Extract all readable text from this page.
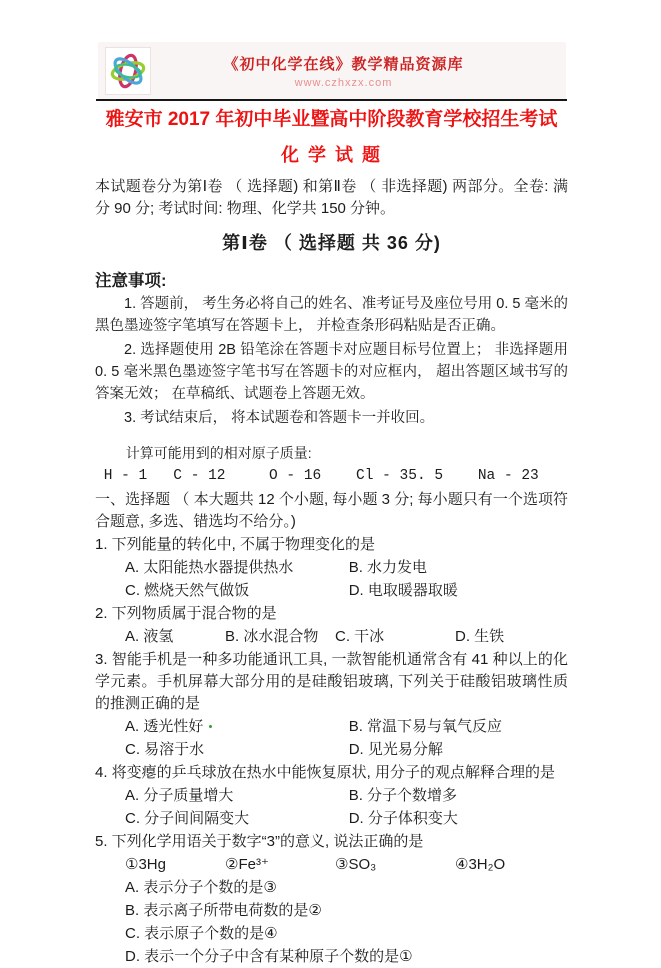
《初中化学在线》教学精品资源库
www.czhxzx.com
雅安市 2017 年初中毕业暨高中阶段教育学校招生考试
化 学 试 题

本试题卷分为第Ⅰ卷 （ 选择题) 和第Ⅱ卷 （ 非选择题) 两部分。全卷: 满分 90 分; 考试时间: 物理、化学共 150 分钟。

第Ⅰ卷 （ 选择题 共 36 分)
注意事项:

1. 答题前， 考生务必将自己的姓名、准考证号及座位号用 0. 5 毫米的黑色墨迹签字笔填写在答题卡上， 并检查条形码粘贴是否正确。

2. 选择题使用 2B 铅笔涂在答题卡对应题目标号位置上； 非选择题用 0. 5 毫米黑色墨迹签字笔书写在答题卡的对应框内， 超出答题区域书写的答案无效； 在草稿纸、试题卷上答题无效。

3. 考试结束后， 将本试题卷和答题卡一并收回。

计算可能用到的相对原子质量:

H - 1   C - 12     O - 16    Cl - 35. 5    Na - 23

一、选择题 （ 本大题共 12 个小题, 每小题 3 分; 每小题只有一个选项符合题意, 多选、错选均不给分。)

1. 下列能量的转化中, 不属于物理变化的是

A. 太阳能热水器提供热水	B. 水力发电
C. 燃烧天然气做饭	D. 电取暖器取暖

2. 下列物质属于混合物的是

A. 液氢	B. 冰水混合物	C. 干冰	D. 生铁

3. 智能手机是一种多功能通讯工具, 一款智能机通常含有 41 种以上的化学元素。手机屏幕大部分用的是硅酸铝玻璃, 下列关于硅酸铝玻璃性质的推测正确的是

A. 透光性好	B. 常温下易与氧气反应
C. 易溶于水	D. 见光易分解

4. 将变瘪的乒乓球放在热水中能恢复原状, 用分子的观点解释合理的是

A. 分子质量增大	B. 分子个数增多
C. 分子间间隔变大	D. 分子体积变大

5. 下列化学用语关于数字“3”的意义, 说法正确的是

①3Hg	②Fe³⁺	③SO₃	④3H₂O
A. 表示分子个数的是③
B. 表示离子所带电荷数的是②
C. 表示原子个数的是④
D. 表示一个分子中含有某种原子个数的是①
